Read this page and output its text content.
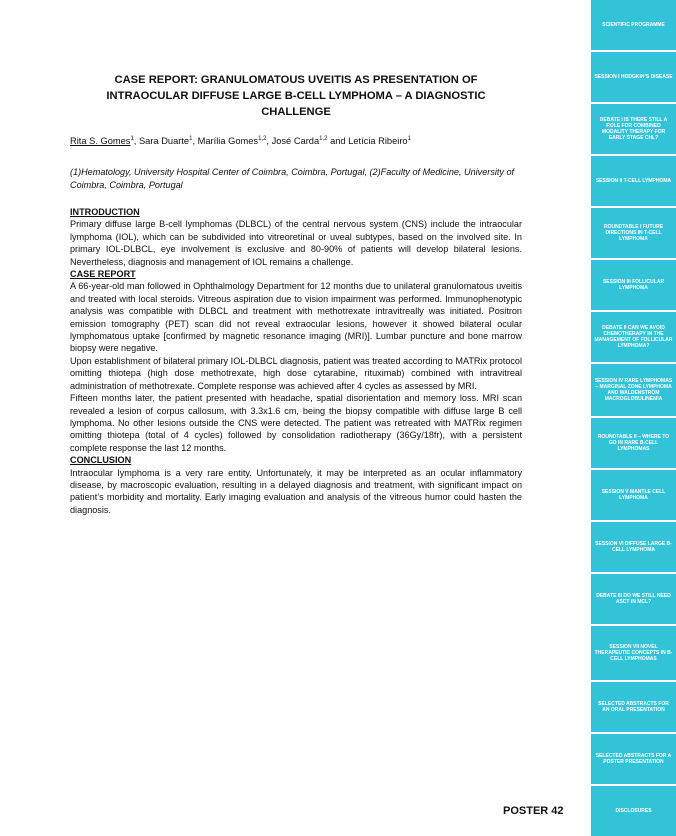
CASE REPORT: GRANULOMATOUS UVEITIS AS PRESENTATION OF INTRAOCULAR DIFFUSE LARGE B-CELL LYMPHOMA – A DIAGNOSTIC CHALLENGE
Rita S. Gomes$^1$, Sara Duarte$^1$, Marília Gomes$^{1,2}$, José Carda$^{1,2}$ and Letícia Ribeiro$^1$
(1)Hematology, University Hospital Center of Coimbra, Coimbra, Portugal, (2)Faculty of Medicine, University of Coimbra, Coimbra, Portugal

INTRODUCTION

Primary diffuse large B-cell lymphomas (DLBCL) of the central nervous system (CNS) include the intraocular lymphoma (IOL), which can be subdivided into vitreoretinal or uveal subtypes, based on the involved site. In primary IOL-DLBCL, eye involvement is exclusive and 80-90% of patients will develop bilateral lesions. Nevertheless, diagnosis and management of IOL remains a challenge.

CASE REPORT

A 66-year-old man followed in Ophthalmology Department for 12 months due to unilateral granulomatous uveitis and treated with local steroids. Vitreous aspiration due to vision impairment was performed. Immunophenotypic analysis was compatible with DLBCL and treatment with methotrexate intravitreally was initiated. Positron emission tomography (PET) scan did not reveal extraocular lesions, however it showed bilateral ocular lymphomatous uptake [confirmed by magnetic resonance imaging (MRI)]. Lumbar puncture and bone marrow biopsy were negative.

Upon establishment of bilateral primary IOL-DLBCL diagnosis, patient was treated according to MATRix protocol omitting thiotepa (high dose methotrexate, high dose cytarabine, rituximab) combined with intravitreal administration of methotrexate. Complete response was achieved after 4 cycles as assessed by MRI.

Fifteen months later, the patient presented with headache, spatial disorientation and memory loss. MRI scan revealed a lesion of corpus callosum, with 3.3x1.6 cm, being the biopsy compatible with diffuse large B cell lymphoma. No other lesions outside the CNS were detected. The patient was retreated with MATRix regimen omitting thiotepa (total of 4 cycles) followed by consolidation radiotherapy (36Gy/18fr), with a persistent complete response the last 12 months.

CONCLUSION

Intraocular lymphoma is a very rare entity. Unfortunately, it may be interpreted as an ocular inflammatory disease, by macroscopic evaluation, resulting in a delayed diagnosis and treatment, with significant impact on patient’s morbidity and mortality. Early imaging evaluation and analysis of the vitreous humor could hasten the diagnosis.

POSTER 42
SCIENTIFIC PROGRAMME
SESSION I HODGKIN’S DISEASE
DEBATE I IS THERE STILL A ROLE FOR COMBINED MODALITY THERAPY FOR EARLY STAGE CHL?
SESSION II T-CELL LYMPHOMA
ROUNDTABLE I FUTURE DIRECTIONS IN T-CELL LYMPHOMA
SESSION III FOLLICULAR LYMPHOMA
DEBATE II CAN WE AVOID CHEMOTHERAPY IN THE MANAGEMENT OF FOLLICULAR LYMPHOMA?
SESSION IV RARE LYMPHOMAS – MARGINAL ZONE LYMPHOMA AND WALDENSTRÖM MACROGLOBULINEMIA
ROUNDTABLE II – WHERE TO GO IN RARE B-CELL LYMPHOMAS
SESSION V MANTLE CELL LYMPHOMA
SESSION VI DIFFUSE LARGE B-CELL LYMPHOMA
DEBATE III DO WE STILL NEED ASCT IN MCL?
SESSION VII NOVEL THERAPEUTIC CONCEPTS IN B-CELL LYMPHOMAS
SELECTED ABSTRACTS FOR AN ORAL PRESENTATION
SELECTED ABSTRACTS FOR A POSTER PRESENTATION
DISCLOSURES
